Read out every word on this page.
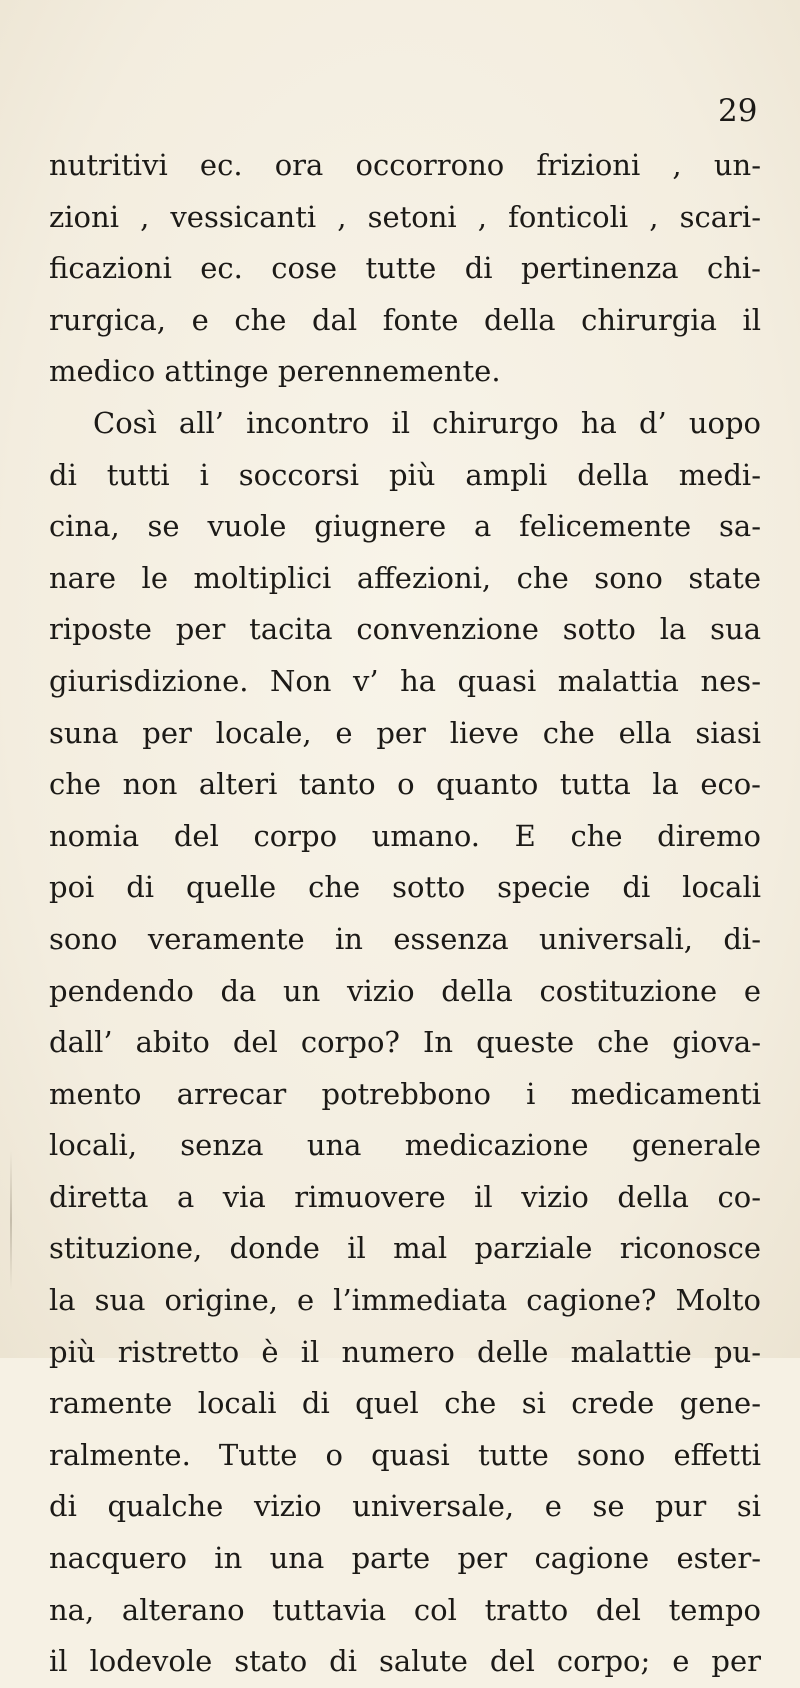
29
nutritivi ec. ora occorrono frizioni , un-
zioni , vessicanti , setoni , fonticoli , scari-
ficazioni ec. cose tutte di pertinenza chi-
rurgica, e che dal fonte della chirurgia il
medico attinge perennemente.
Così all’ incontro il chirurgo ha d’ uopo
di tutti i soccorsi più ampli della medi-
cina, se vuole giugnere a felicemente sa-
nare le moltiplici affezioni, che sono state
riposte per tacita convenzione sotto la sua
giurisdizione. Non v’ ha quasi malattia nes-
suna per locale, e per lieve che ella siasi
che non alteri tanto o quanto tutta la eco-
nomia del corpo umano. E che diremo
poi di quelle che sotto specie di locali
sono veramente in essenza universali, di-
pendendo da un vizio della costituzione e
dall’ abito del corpo? In queste che giova-
mento arrecar potrebbono i medicamenti
locali, senza una medicazione generale
diretta a via rimuovere il vizio della co-
stituzione, donde il mal parziale riconosce
la sua origine, e l’immediata cagione? Molto
più ristretto è il numero delle malattie pu-
ramente locali di quel che si crede gene-
ralmente. Tutte o quasi tutte sono effetti
di qualche vizio universale, e se pur si
nacquero in una parte per cagione ester-
na, alterano tuttavia col tratto del tempo
il lodevole stato di salute del corpo; e per
